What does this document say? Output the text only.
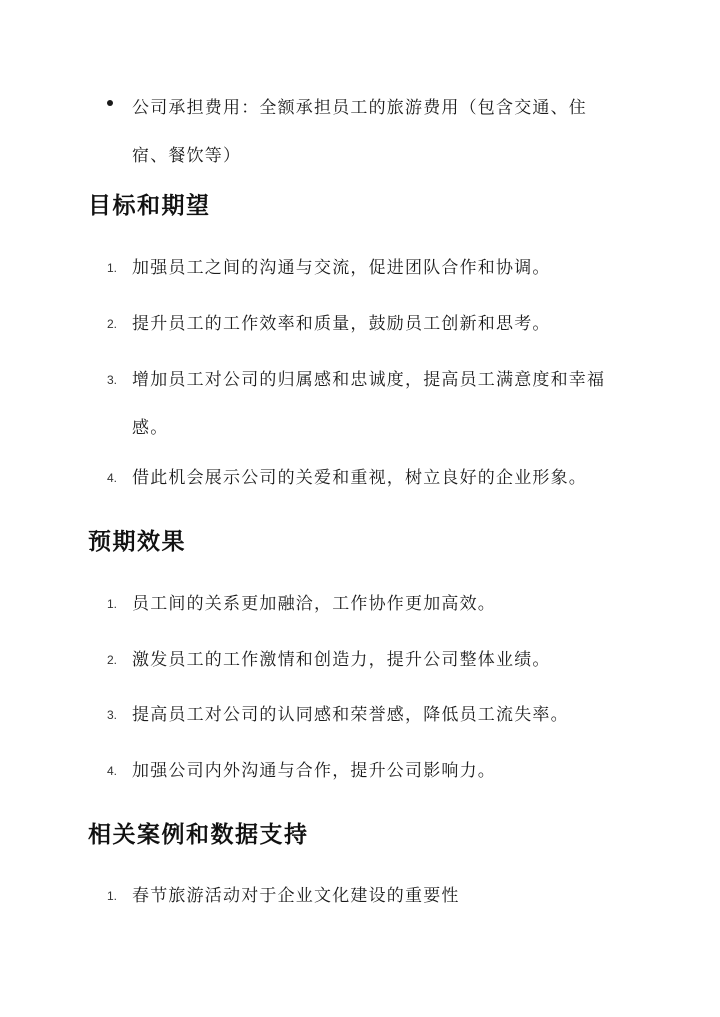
公司承担费用：全额承担员工的旅游费用（包含交通、住宿、餐饮等）
目标和期望
1. 加强员工之间的沟通与交流，促进团队合作和协调。
2. 提升员工的工作效率和质量，鼓励员工创新和思考。
3. 增加员工对公司的归属感和忠诚度，提高员工满意度和幸福感。
4. 借此机会展示公司的关爱和重视，树立良好的企业形象。
预期效果
1. 员工间的关系更加融洽，工作协作更加高效。
2. 激发员工的工作激情和创造力，提升公司整体业绩。
3. 提高员工对公司的认同感和荣誉感，降低员工流失率。
4. 加强公司内外沟通与合作，提升公司影响力。
相关案例和数据支持
1. 春节旅游活动对于企业文化建设的重要性
